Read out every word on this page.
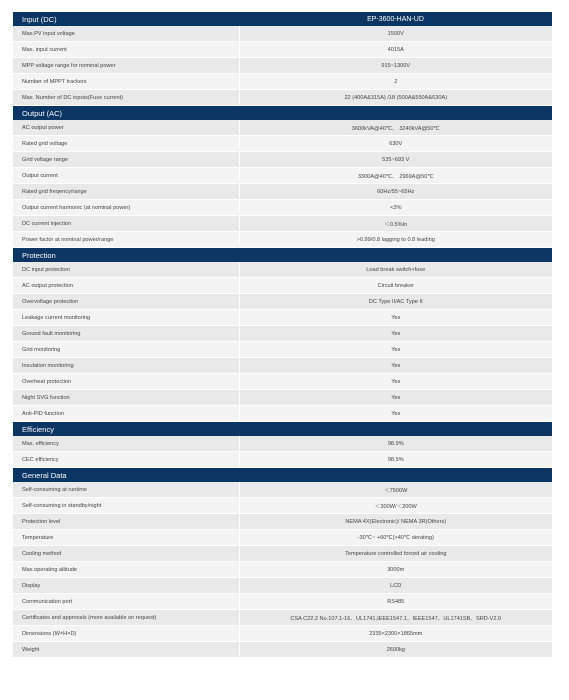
Input (DC)	EP-3600-HAN-UD
Max.PV input voltage	1500V
Max. input current	4015A
MPP voltage range for nominal power	915~1300V
Number of MPPT trackers	2
Max. Number of DC inputs(Fuse current)	22 (400A&315A) /18 (500A&550A&630A)
Output (AC)	
AC output power	3600kVA@40℃、 3240kVA@50℃
Rated grid voltage	630V
Grid voltage range	535~693 V
Output current	3300A@40℃、 2969A@50℃
Rated grid freqency/range	60Hz/55~65Hz
Output current harmonic (at nominal power)	<3%
DC current injection	＜0.5%In
Power factor at nominal power/range	>0.99/0.8 lagging to 0.8 leading
Protection	
DC input protection	Load break switch+fuse
AC output protection	Circuit breaker
Overvoltage protection	DC Type II/AC Type II
Leakage current monitoring	Yes
Ground fault monitoring	Yes
Grid monitoring	Yes
Insulation monitoring	Yes
Overheat protection	Yes
Night SVG function	Yes
Anti-PID function	Yes
Efficiency	
Max. efficiency	98.9%
CEC efficiency	98.5%
General Data	
Self-consuming at runtime	＜7500W
Self-consuming in standby/night	＜300W/＜200W
Protection level	NEMA 4X(Electronic)/ NEMA 3R(Others)
Temperature	-30℃~ +60℃(>40℃ derating)
Cooling method	Temperature controlled forced air cooling
Max.operating altitude	3000m
Display	LCD
Communication port	RS485
Certificates and approvals (more available on request)	CSA C22.2 No.107.1-16、UL1741,IEEE1547.1、IEEE1547、UL1741SB、SRD-V2.0
Dimensions (W×H×D)	2335×2300×1865mm
Weight	2600kg
